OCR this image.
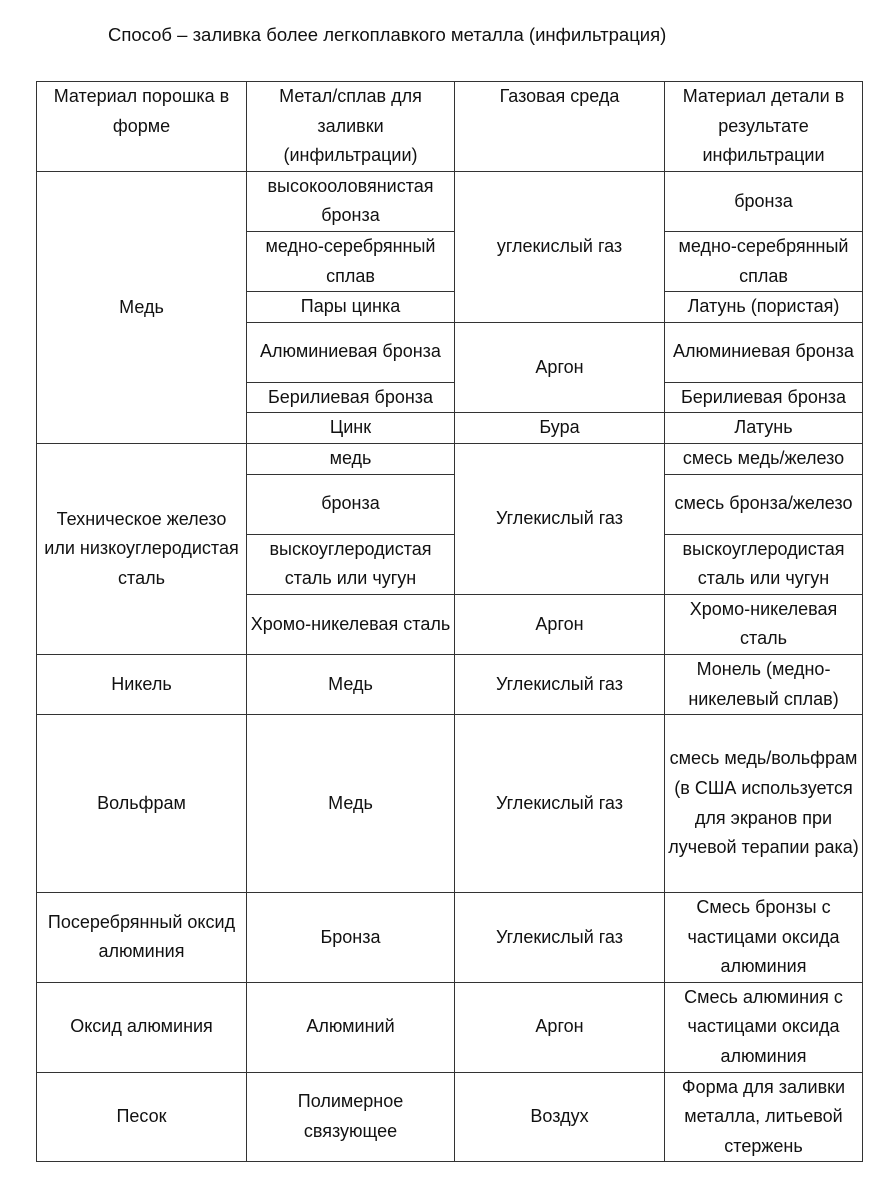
Способ – заливка более легкоплавкого металла (инфильтрация)
Материал порошка в форме	Метал/сплав для заливки (инфильтрации)	Газовая среда	Материал детали в результате инфильтрации
Медь	высокооловянистая бронза	углекислый газ	бронза
	медно-серебрянный сплав		медно-серебрянный сплав
	Пары цинка		Латунь (пористая)
	Алюминиевая бронза	Аргон	Алюминиевая бронза
	Берилиевая бронза		Берилиевая бронза
	Цинк	Бура	Латунь
Техническое железо или низкоуглеродистая сталь	медь	Углекислый газ	смесь медь/железо
	бронза		смесь бронза/железо
	выскоуглеродистая сталь или чугун		выскоуглеродистая сталь или чугун
	Хромо-никелевая сталь	Аргон	Хромо-никелевая сталь
Никель	Медь	Углекислый газ	Монель (медно-никелевый сплав)
Вольфрам	Медь	Углекислый газ	смесь медь/вольфрам (в США используется для экранов при лучевой терапии рака)
Посеребрянный оксид алюминия	Бронза	Углекислый газ	Смесь бронзы с частицами оксида алюминия
Оксид алюминия	Алюминий	Аргон	Смесь алюминия с частицами оксида алюминия
Песок	Полимерное связующее	Воздух	Форма для заливки металла, литьевой стержень
